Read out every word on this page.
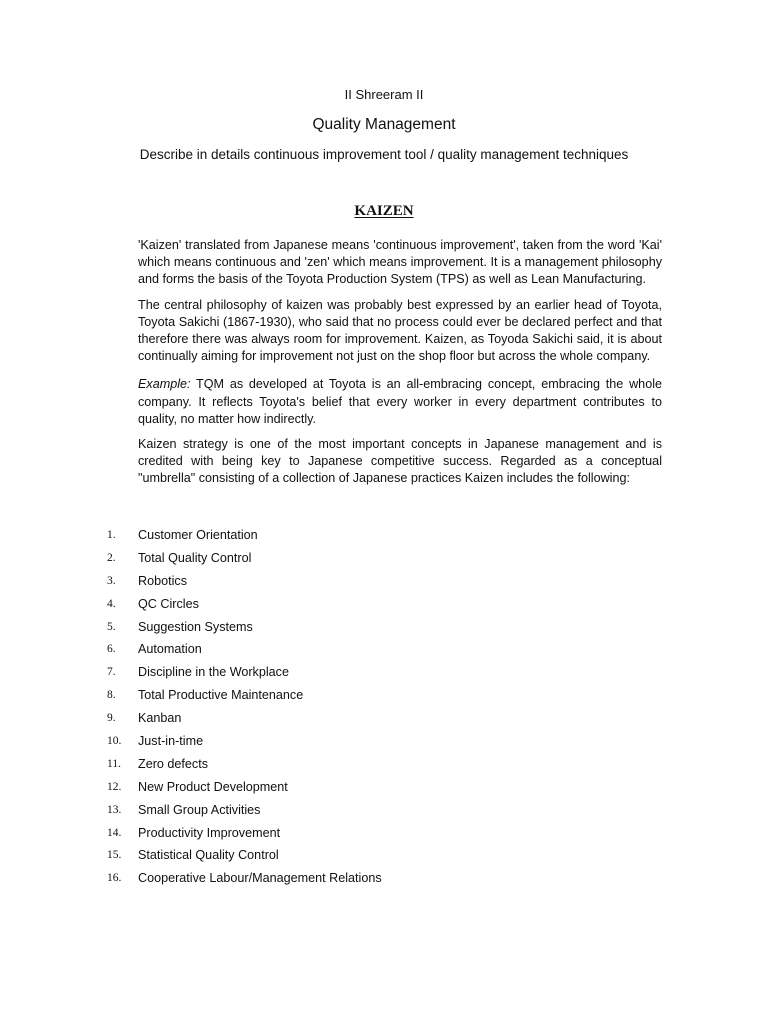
II Shreeram II
Quality Management
Describe in details continuous improvement tool / quality management techniques
KAIZEN

'Kaizen' translated from Japanese means 'continuous improvement', taken from the word 'Kai' which means continuous and 'zen' which means improvement. It is a management philosophy and forms the basis of the Toyota Production System (TPS) as well as Lean Manufacturing.

The central philosophy of kaizen was probably best expressed by an earlier head of Toyota, Toyota Sakichi (1867-1930), who said that no process could ever be declared perfect and that therefore there was always room for improvement. Kaizen, as Toyoda Sakichi said, it is about continually aiming for improvement not just on the shop floor but across the whole company.

Example: TQM as developed at Toyota is an all-embracing concept, embracing the whole company. It reflects Toyota's belief that every worker in every department contributes to quality, no matter how indirectly.

Kaizen strategy is one of the most important concepts in Japanese management and is credited with being key to Japanese competitive success. Regarded as a conceptual "umbrella" consisting of a collection of Japanese practices Kaizen includes the following:

1. Customer Orientation
2. Total Quality Control
3. Robotics
4. QC Circles
5. Suggestion Systems
6. Automation
7. Discipline in the Workplace
8. Total Productive Maintenance
9. Kanban
10. Just-in-time
11. Zero defects
12. New Product Development
13. Small Group Activities
14. Productivity Improvement
15. Statistical Quality Control
16. Cooperative Labour/Management Relations
